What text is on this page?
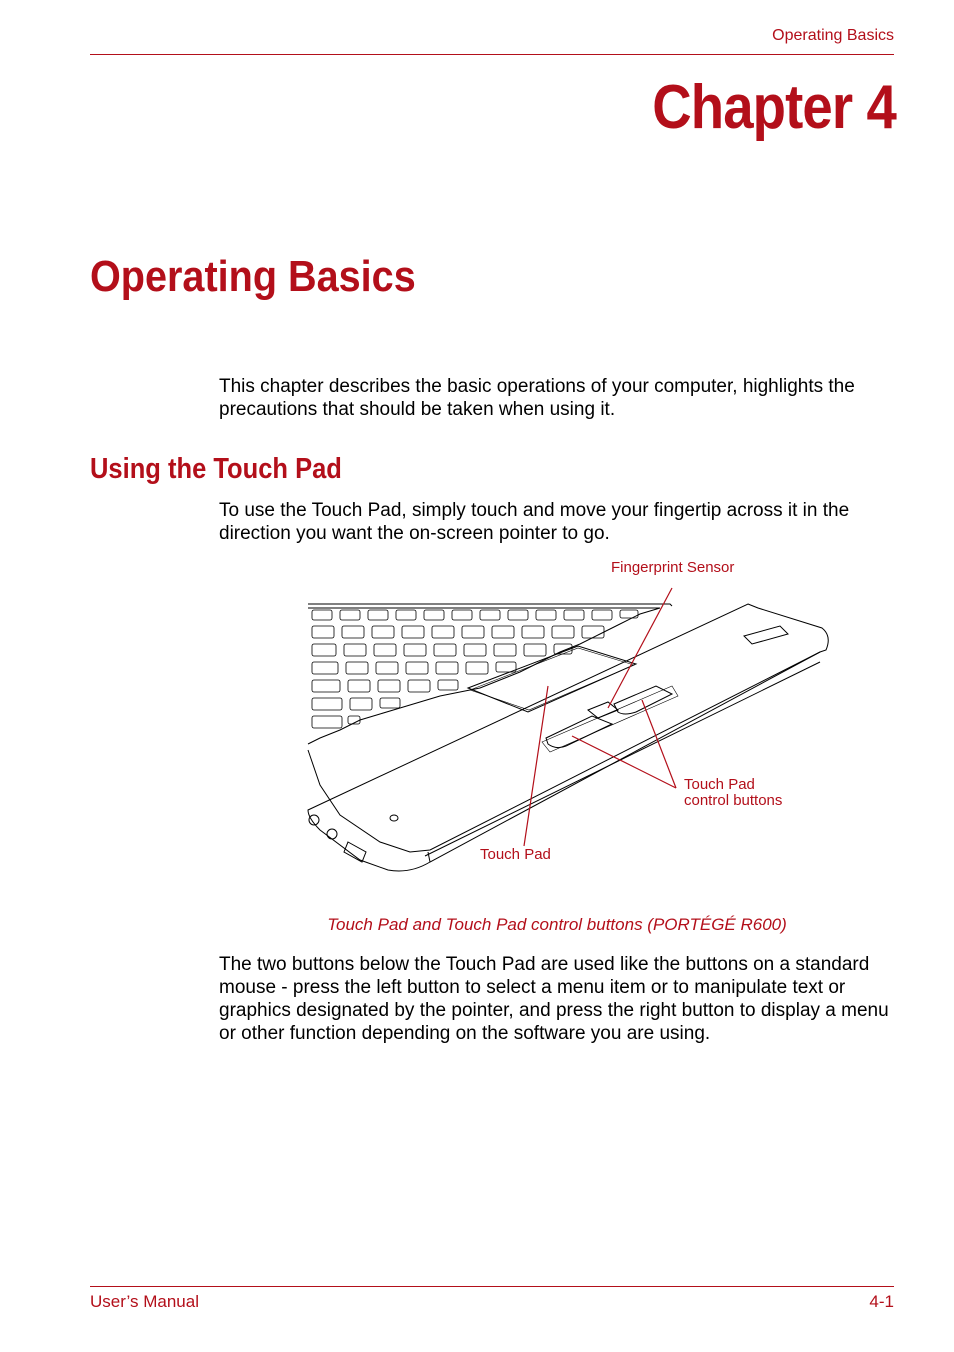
Operating Basics
Chapter 4
Operating Basics
This chapter describes the basic operations of your computer, highlights the precautions that should be taken when using it.
Using the Touch Pad
To use the Touch Pad, simply touch and move your fingertip across it in the direction you want the on-screen pointer to go.
Fingerprint Sensor
Touch Pad
control buttons
Touch Pad
Touch Pad and Touch Pad control buttons (PORTÉGÉ R600)
The two buttons below the Touch Pad are used like the buttons on a standard mouse - press the left button to select a menu item or to manipulate text or graphics designated by the pointer, and press the right button to display a menu or other function depending on the software you are using.
User’s Manual	4-1
